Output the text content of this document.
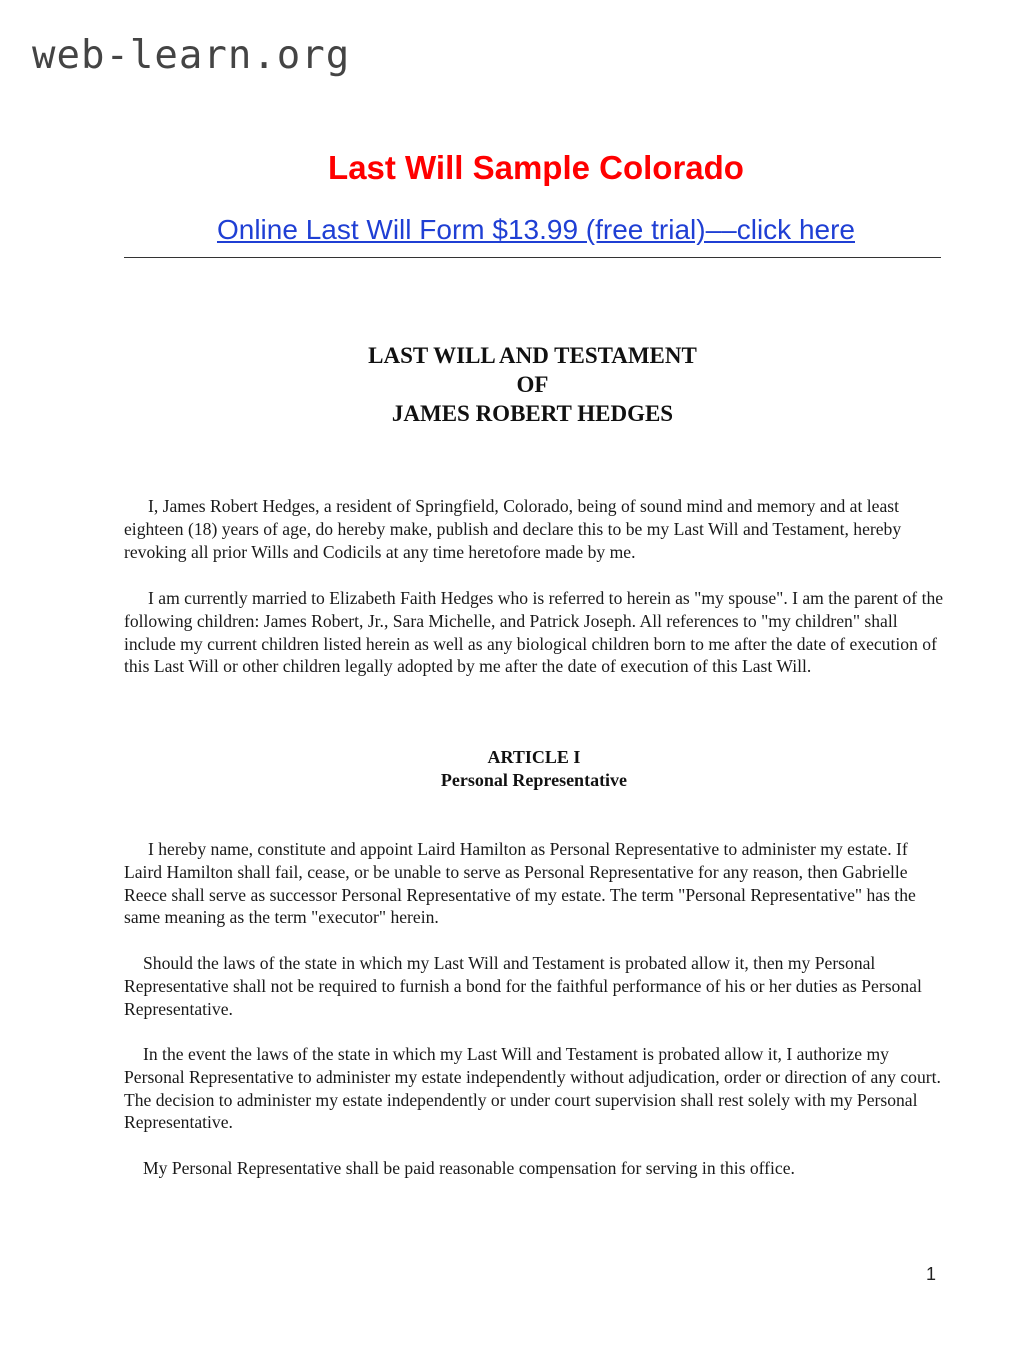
web-learn.org
Last Will Sample Colorado
Online Last Will Form $13.99 (free trial)––click here
LAST WILL AND TESTAMENT
OF
JAMES ROBERT HEDGES

I, James Robert Hedges, a resident of Springfield, Colorado, being of sound mind and memory and at least eighteen (18) years of age, do hereby make, publish and declare this to be my Last Will and Testament, hereby revoking all prior Wills and Codicils at any time heretofore made by me.

I am currently married to Elizabeth Faith Hedges who is referred to herein as "my spouse". I am the parent of the following children: James Robert, Jr., Sara Michelle, and Patrick Joseph. All references to "my children" shall include my current children listed herein as well as any biological children born to me after the date of execution of this Last Will or other children legally adopted by me after the date of execution of this Last Will.

ARTICLE I
Personal Representative

I hereby name, constitute and appoint Laird Hamilton as Personal Representative to administer my estate. If Laird Hamilton shall fail, cease, or be unable to serve as Personal Representative for any reason, then Gabrielle Reece shall serve as successor Personal Representative of my estate. The term "Personal Representative" has the same meaning as the term "executor" herein.

Should the laws of the state in which my Last Will and Testament is probated allow it, then my Personal Representative shall not be required to furnish a bond for the faithful performance of his or her duties as Personal Representative.

In the event the laws of the state in which my Last Will and Testament is probated allow it, I authorize my Personal Representative to administer my estate independently without adjudication, order or direction of any court. The decision to administer my estate independently or under court supervision shall rest solely with my Personal Representative.

My Personal Representative shall be paid reasonable compensation for serving in this office.

1
